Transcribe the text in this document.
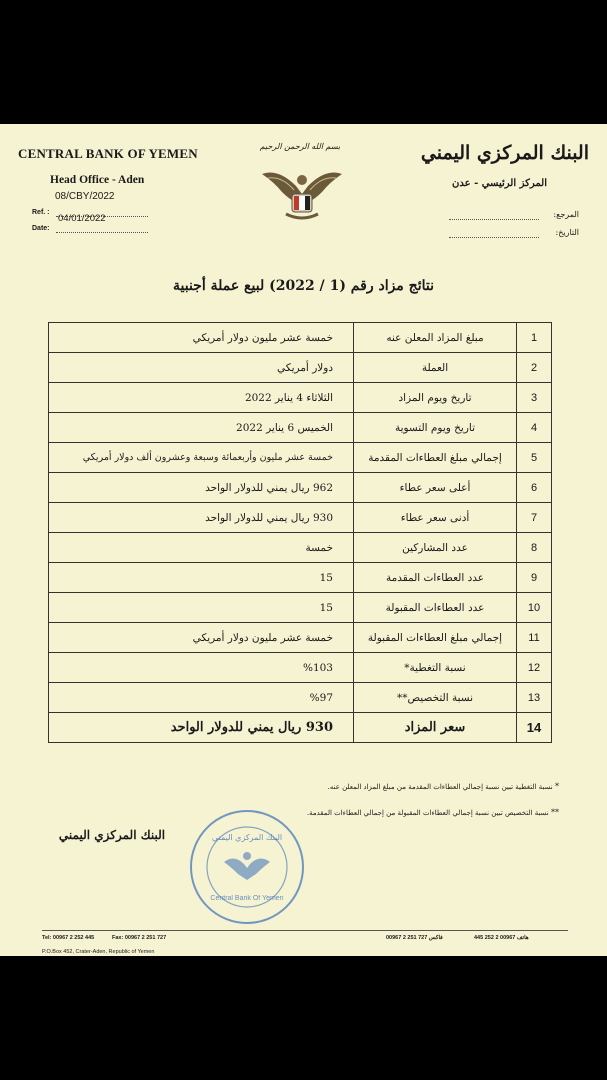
CENTRAL BANK OF YEMEN
Head Office - Aden
08/CBY/2022
Ref. :
04/01/2022
Date:
بسم الله الرحمن الرحيم	البنك المركزي اليمني
المركز الرئيسي - عدن
المرجع:
التاريخ:
نتائج مزاد رقم (1 / 2022) لبيع عملة أجنبية
1	مبلغ المزاد المعلن عنه	خمسة عشر مليون دولار أمريكي
2	العملة	دولار أمريكي
3	تاريخ ويوم المزاد	الثلاثاء 4 يناير 2022
4	تاريخ ويوم التسوية	الخميس 6 يناير 2022
5	إجمالي مبلغ العطاءات المقدمة	خمسة عشر مليون وأربعمائة وسبعة وعشرون ألف دولار أمريكي
6	أعلى سعر عطاء	962 ريال يمني للدولار الواحد
7	أدنى سعر عطاء	930 ريال يمني للدولار الواحد
8	عدد المشاركين	خمسة
9	عدد العطاءات المقدمة	15
10	عدد العطاءات المقبولة	15
11	إجمالي مبلغ العطاءات المقبولة	خمسة عشر مليون دولار أمريكي
12	نسبة التغطية*	%103
13	نسبة التخصيص**	%97
14	سعر المزاد	930 ريال يمني للدولار الواحد
* نسبة التغطية تبين نسبة إجمالي العطاءات المقدمة من مبلغ المزاد المعلن عنه.
** نسبة التخصيص تبين نسبة إجمالي العطاءات المقبولة من إجمالي العطاءات المقدمة.
البنك المركزي اليمني
Central Bank Of Yemen
البنك المركزي اليمني
Tel: 00967 2 252 445	Fax: 00967 2 251 727
P.O.Box 452, Crater-Aden, Republic of Yemen
00967 2 251 727 فاكس	هاتف 00967 2 252 445
